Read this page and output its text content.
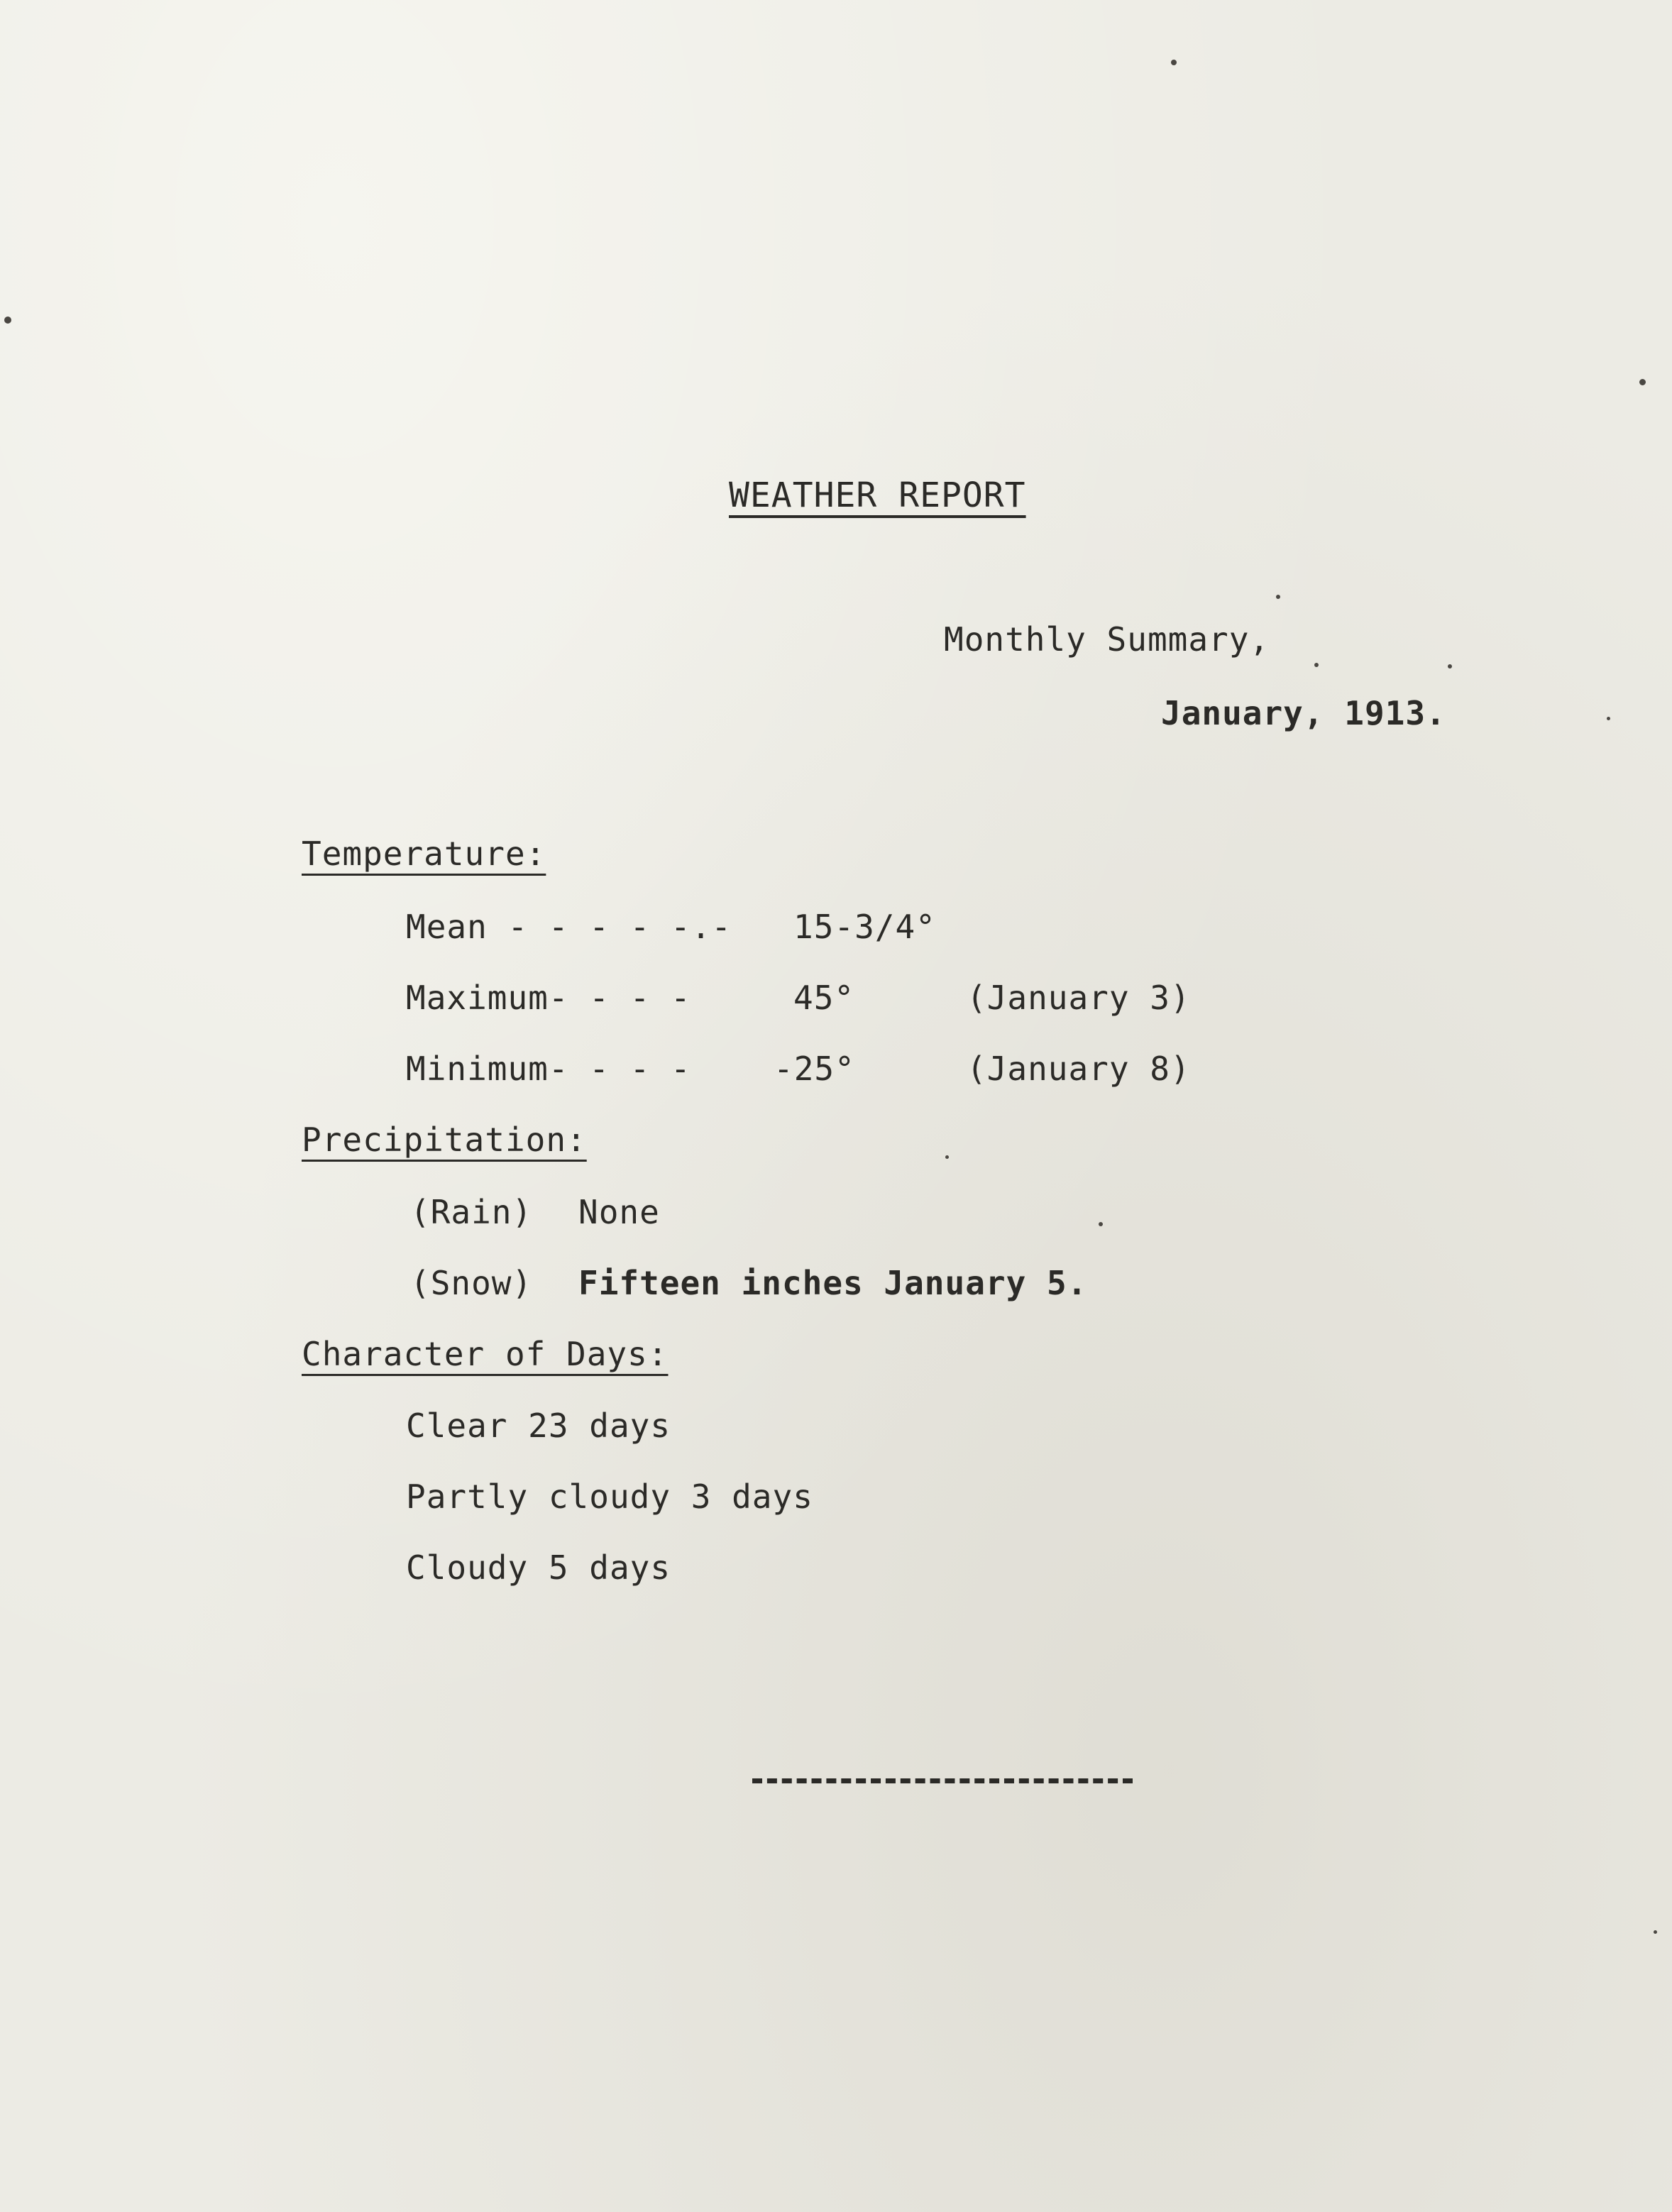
WEATHER REPORT
Monthly Summary,
January, 1913.
Temperature:
Mean - - - - -.- 15-3/4°
Maximum- - - -	45°	(January 3)
Minimum- - - -	-25°	(January 8)
Precipitation:
(Rain) None
(Snow) Fifteen inches January 5.
Character of Days:
Clear 23 days
Partly cloudy 3 days
Cloudy 5 days
